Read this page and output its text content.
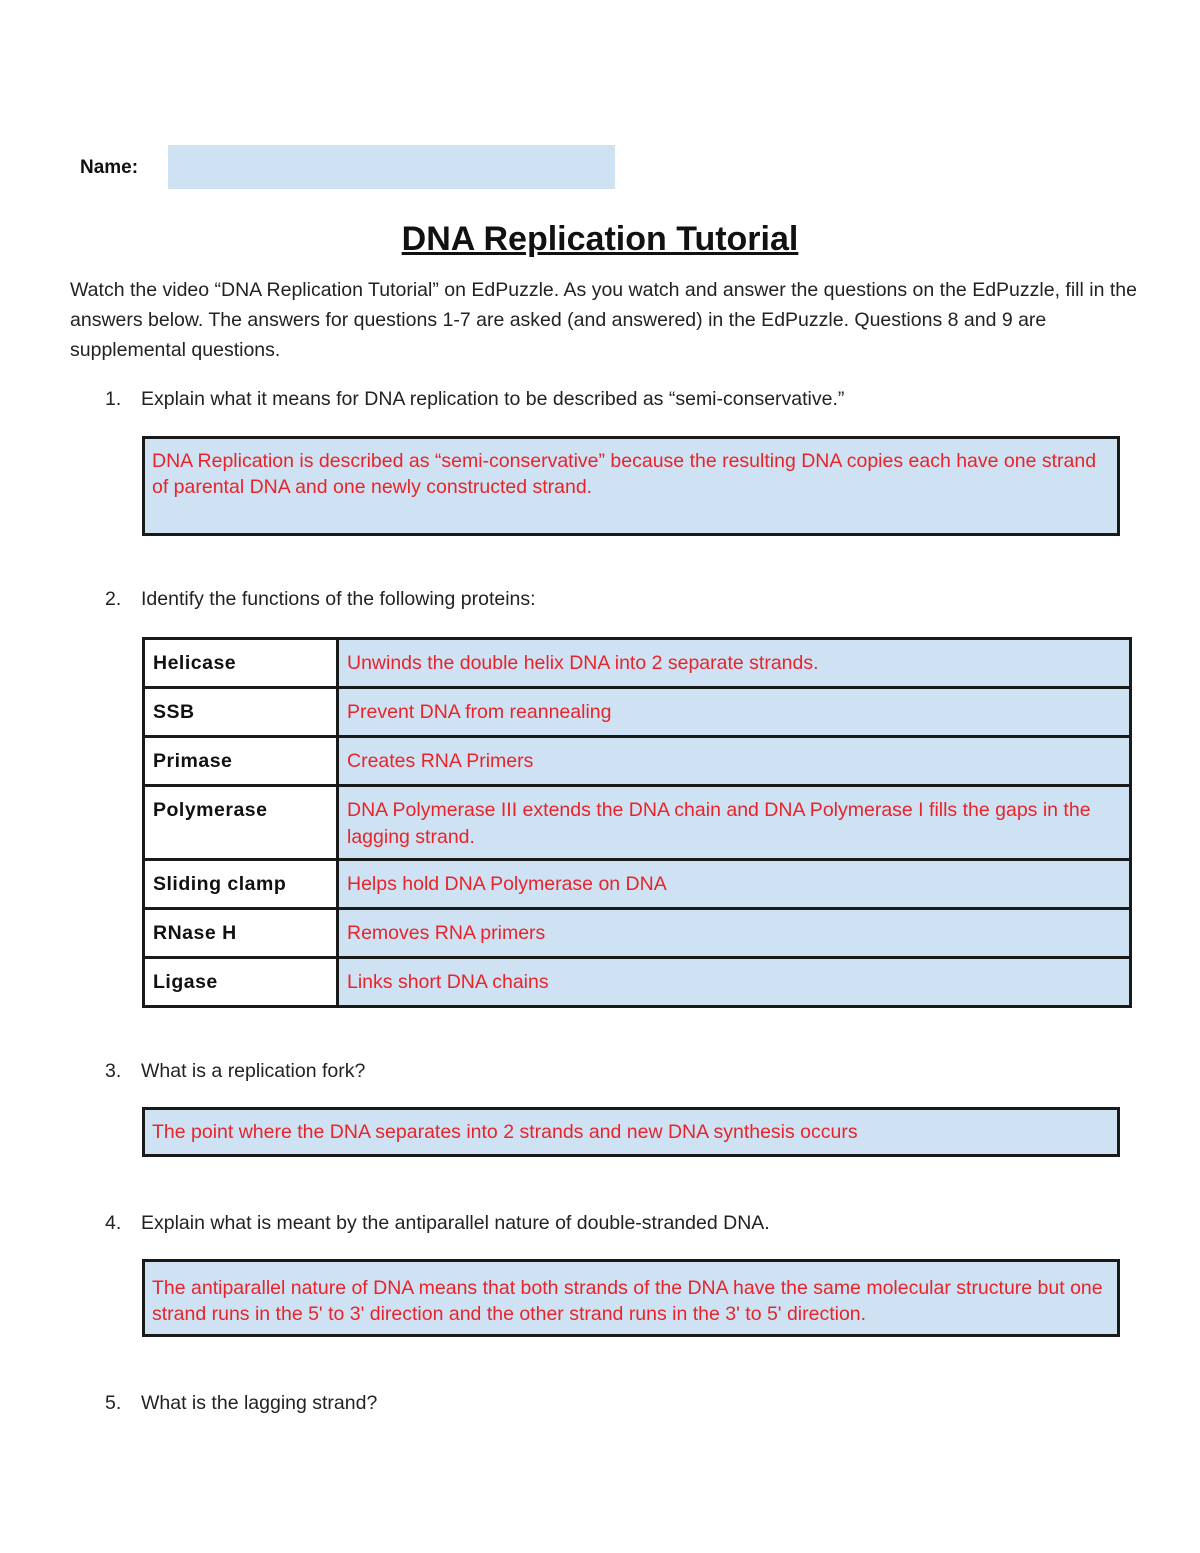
Name:
DNA Replication Tutorial
Watch the video “DNA Replication Tutorial” on EdPuzzle. As you watch and answer the questions on the EdPuzzle, fill in the answers below. The answers for questions 1-7 are asked (and answered) in the EdPuzzle. Questions 8 and 9 are supplemental questions.
1. Explain what it means for DNA replication to be described as “semi-conservative.”
DNA Replication is described as “semi-conservative” because the resulting DNA copies each have one strand of parental DNA and one newly constructed strand.
2. Identify the functions of the following proteins:
Helicase	Unwinds the double helix DNA into 2 separate strands.
SSB	Prevent DNA from reannealing
Primase	Creates RNA Primers
Polymerase	DNA Polymerase III extends the DNA chain and DNA Polymerase I fills the gaps in the lagging strand.
Sliding clamp	Helps hold DNA Polymerase on DNA
RNase H	Removes RNA primers
Ligase	Links short DNA chains
3. What is a replication fork?
The point where the DNA separates into 2 strands and new DNA synthesis occurs
4. Explain what is meant by the antiparallel nature of double-stranded DNA.
The antiparallel nature of DNA means that both strands of the DNA have the same molecular structure but one strand runs in the 5' to 3' direction and the other strand runs in the 3' to 5' direction.
5. What is the lagging strand?
